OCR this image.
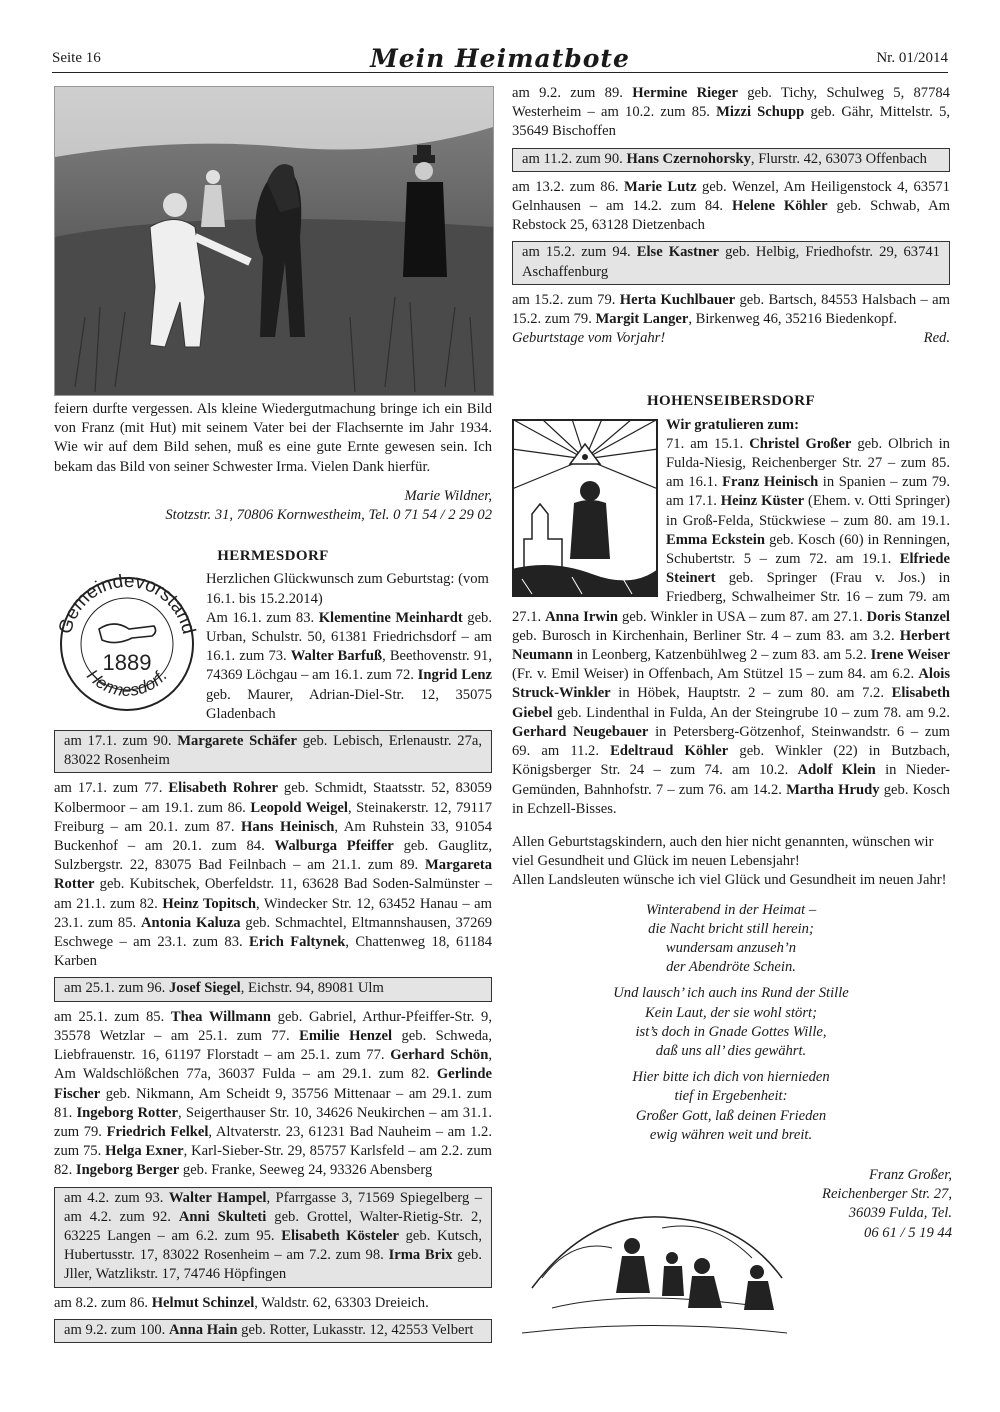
Seite 16	Mein Heimatbote	Nr. 01/2014

feiern durfte vergessen. Als kleine Wiedergutmachung bringe ich ein Bild von Franz (mit Hut) mit seinem Vater bei der Flachsernte im Jahr 1934. Wie wir auf dem Bild sehen, muß es eine gute Ernte gewesen sein. Ich bekam das Bild von seiner Schwester Irma. Vielen Dank hierfür.

Marie Wildner,

Stotzstr. 31, 70806 Kornwestheim, Tel. 0 71 54 / 2 29 02

HERMESDORF

Gemeindevorstand
Hermesdorf.
1889

Herzlichen Glückwunsch zum Geburtstag: (vom 16.1. bis 15.2.2014)

Am 16.1. zum 83. Klementine Meinhardt geb. Urban, Schulstr. 50, 61381 Friedrichsdorf – am 16.1. zum 73. Walter Barfuß, Beethovenstr. 91, 74369 Löchgau – am 16.1. zum 72. Ingrid Lenz geb. Maurer, Adrian-Diel-Str. 12, 35075 Gladenbach

am 17.1. zum 90. Margarete Schäfer geb. Lebisch, Erlenaustr. 27a, 83022 Rosenheim

am 17.1. zum 77. Elisabeth Rohrer geb. Schmidt, Staatsstr. 52, 83059 Kolbermoor – am 19.1. zum 86. Leopold Weigel, Steinakerstr. 12, 79117 Freiburg – am 20.1. zum 87. Hans Heinisch, Am Ruhstein 33, 91054 Buckenhof – am 20.1. zum 84. Walburga Pfeiffer geb. Gauglitz, Sulzbergstr. 22, 83075 Bad Feilnbach – am 21.1. zum 89. Margareta Rotter geb. Kubitschek, Oberfeldstr. 11, 63628 Bad Soden-Salmünster – am 21.1. zum 82. Heinz Topitsch, Windecker Str. 12, 63452 Hanau – am 23.1. zum 85. Antonia Kaluza geb. Schmachtel, Eltmannshausen, 37269 Eschwege – am 23.1. zum 83. Erich Faltynek, Chattenweg 18, 61184 Karben

am 25.1. zum 96. Josef Siegel, Eichstr. 94, 89081 Ulm

am 25.1. zum 85. Thea Willmann geb. Gabriel, Arthur-Pfeiffer-Str. 9, 35578 Wetzlar – am 25.1. zum 77. Emilie Henzel geb. Schweda, Liebfrauenstr. 16, 61197 Florstadt – am 25.1. zum 77. Gerhard Schön, Am Waldschlößchen 77a, 36037 Fulda – am 29.1. zum 82. Gerlinde Fischer geb. Nikmann, Am Scheidt 9, 35756 Mittenaar – am 29.1. zum 81. Ingeborg Rotter, Seigerthauser Str. 10, 34626 Neukirchen – am 31.1. zum 79. Friedrich Felkel, Altvaterstr. 23, 61231 Bad Nauheim – am 1.2. zum 75. Helga Exner, Karl-Sieber-Str. 29, 85757 Karlsfeld – am 2.2. zum 82. Ingeborg Berger geb. Franke, Seeweg 24, 93326 Abensberg

am 4.2. zum 93. Walter Hampel, Pfarrgasse 3, 71569 Spiegelberg – am 4.2. zum 92. Anni Skulteti geb. Grottel, Walter-Rietig-Str. 2, 63225 Langen – am 6.2. zum 95. Elisabeth Kösteler geb. Kutsch, Hubertusstr. 17, 83022 Rosenheim – am 7.2. zum 98. Irma Brix geb. Jller, Watzlikstr. 17, 74746 Höpfingen

am 8.2. zum 86. Helmut Schinzel, Waldstr. 62, 63303 Dreieich.

am 9.2. zum 100. Anna Hain geb. Rotter, Lukasstr. 12, 42553 Velbert

am 9.2. zum 89. Hermine Rieger geb. Tichy, Schulweg 5, 87784 Westerheim – am 10.2. zum 85. Mizzi Schupp geb. Gähr, Mittelstr. 5, 35649 Bischoffen

am 11.2. zum 90. Hans Czernohorsky, Flurstr. 42, 63073 Offenbach

am 13.2. zum 86. Marie Lutz geb. Wenzel, Am Heiligenstock 4, 63571 Gelnhausen – am 14.2. zum 84. Helene Köhler geb. Schwab, Am Rebstock 25, 63128 Dietzenbach

am 15.2. zum 94. Else Kastner geb. Helbig, Friedhofstr. 29, 63741 Aschaffenburg

am 15.2. zum 79. Herta Kuchlbauer geb. Bartsch, 84553 Halsbach – am 15.2. zum 79. Margit Langer, Birkenweg 46, 35216 Biedenkopf.

Geburtstage vom Vorjahr!	Red.

HOHENSEIBERSDORF

Wir gratulieren zum:

71. am 15.1. Christel Großer geb. Olbrich in Fulda-Niesig, Reichenberger Str. 27 – zum 85. am 16.1. Franz Heinisch in Spanien – zum 79. am 17.1. Heinz Küster (Ehem. v. Otti Springer) in Groß-Felda, Stückwiese – zum 80. am 19.1. Emma Eckstein geb. Kosch (60) in Renningen, Schubertstr. 5 – zum 72. am 19.1. Elfriede Steinert geb. Springer (Frau v. Jos.) in Friedberg, Schwalheimer Str. 16 – zum 79. am 27.1. Anna Irwin geb. Winkler in USA – zum 87. am 27.1. Doris Stanzel geb. Burosch in Kirchenhain, Berliner Str. 4 – zum 83. am 3.2. Herbert Neumann in Leonberg, Katzenbühlweg 2 – zum 83. am 5.2. Irene Weiser (Fr. v. Emil Weiser) in Offenbach, Am Stützel 15 – zum 84. am 6.2. Alois Struck-Winkler in Höbek, Hauptstr. 2 – zum 80. am 7.2. Elisabeth Giebel geb. Lindenthal in Fulda, An der Steingrube 10 – zum 78. am 9.2. Gerhard Neugebauer in Petersberg-Götzenhof, Steinwandstr. 6 – zum 69. am 11.2. Edeltraud Köhler geb. Winkler (22) in Butzbach, Königsberger Str. 24 – zum 74. am 10.2. Adolf Klein in Nieder-Gemünden, Bahnhofstr. 7 – zum 76. am 14.2. Martha Hrudy geb. Kosch in Echzell-Bisses.

Allen Geburtstagskindern, auch den hier nicht genannten, wünschen wir viel Gesundheit und Glück im neuen Lebensjahr!

Allen Landsleuten wünsche ich viel Glück und Gesundheit im neuen Jahr!

Winterabend in der Heimat –
die Nacht bricht still herein;
wundersam anzuseh’n
der Abendröte Schein.
Und lausch’ ich auch ins Rund der Stille
Kein Laut, der sie wohl stört;
ist’s doch in Gnade Gottes Wille,
daß uns all’ dies gewährt.
Hier bitte ich dich von hiernieden
tief in Ergebenheit:
Großer Gott, laß deinen Frieden
ewig währen weit und breit.
Franz Großer,
Reichenberger Str. 27,
36039 Fulda, Tel.
06 61 / 5 19 44
